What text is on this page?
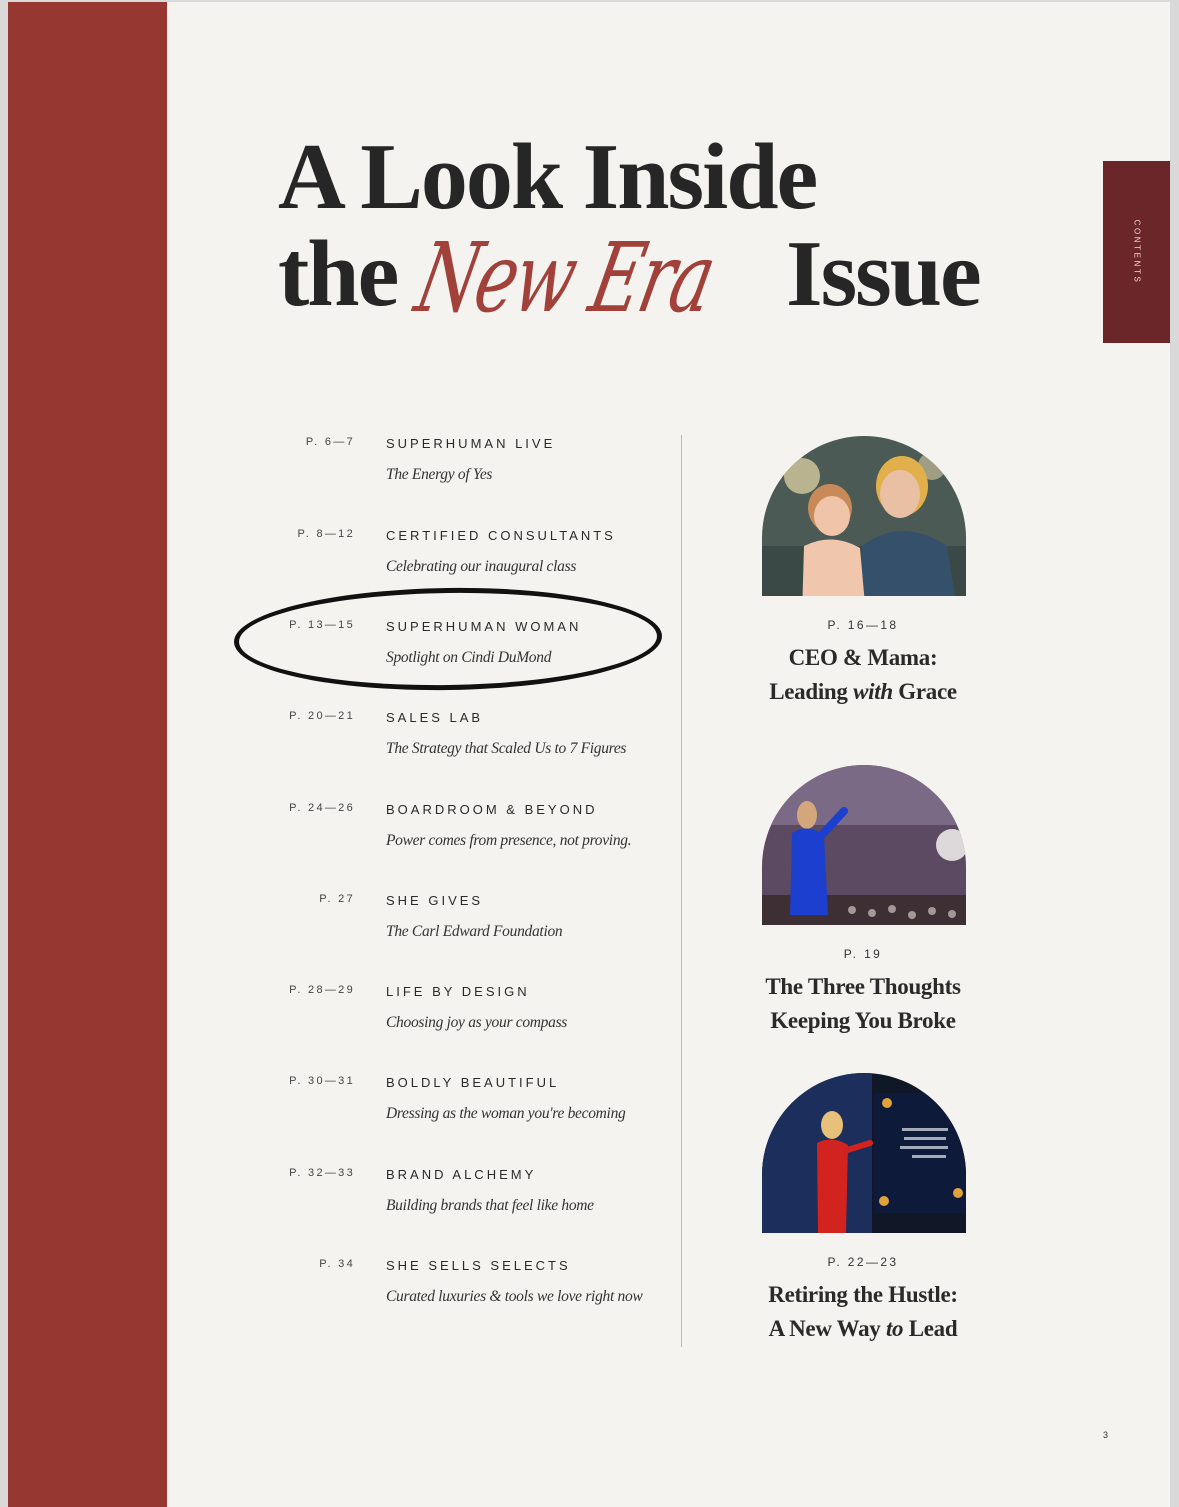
CONTENTS
A Look Inside
the New Era Issue

P. 6—7 SUPERHUMAN LIVE

The Energy of Yes

P. 8—12 CERTIFIED CONSULTANTS

Celebrating our inaugural class

P. 13—15 SUPERHUMAN WOMAN

Spotlight on Cindi DuMond

P. 20—21 SALES LAB

The Strategy that Scaled Us to 7 Figures

P. 24—26 BOARDROOM & BEYOND

Power comes from presence, not proving.

P. 27 SHE GIVES

The Carl Edward Foundation

P. 28—29 LIFE BY DESIGN

Choosing joy as your compass

P. 30—31 BOLDLY BEAUTIFUL

Dressing as the woman you're becoming

P. 32—33 BRAND ALCHEMY

Building brands that feel like home

P. 34 SHE SELLS SELECTS

Curated luxuries & tools we love right now

P. 16—18

CEO & Mama:
Leading with Grace

P. 19

The Three Thoughts
Keeping You Broke

P. 22—23

Retiring the Hustle:
A New Way to Lead

3
